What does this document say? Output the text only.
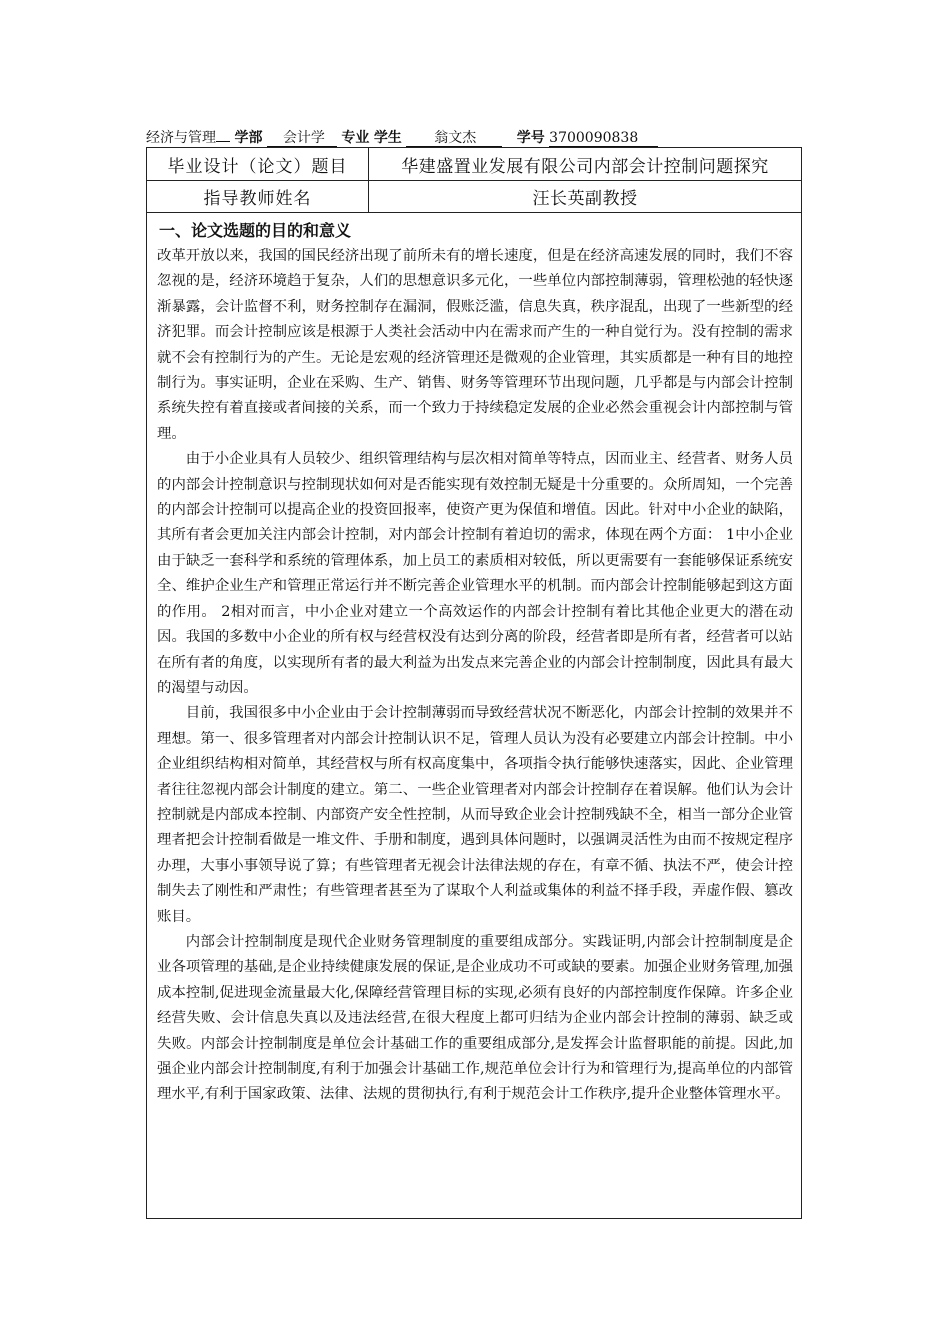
经济与管理 学部 会计学 专业 学生 翁文杰	学号 3700090838
毕业设计（论文）题目	华建盛置业发展有限公司内部会计控制问题探究
指导教师姓名	汪长英副教授
一、论文选题的目的和意义

改革开放以来，我国的国民经济出现了前所未有的增长速度，但是在经济高速发展的同时，我们不容忽视的是，经济环境趋于复杂，人们的思想意识多元化，一些单位内部控制薄弱，管理松弛的轻快逐渐暴露，会计监督不利，财务控制存在漏洞，假账泛滥，信息失真，秩序混乱，出现了一些新型的经济犯罪。而会计控制应该是根源于人类社会活动中内在需求而产生的一种自觉行为。没有控制的需求就不会有控制行为的产生。无论是宏观的经济管理还是微观的企业管理，其实质都是一种有目的地控制行为。事实证明，企业在采购、生产、销售、财务等管理环节出现问题，几乎都是与内部会计控制系统失控有着直接或者间接的关系，而一个致力于持续稳定发展的企业必然会重视会计内部控制与管理。

由于小企业具有人员较少、组织管理结构与层次相对简单等特点，因而业主、经营者、财务人员的内部会计控制意识与控制现状如何对是否能实现有效控制无疑是十分重要的。众所周知，一个完善的内部会计控制可以提高企业的投资回报率，使资产更为保值和增值。因此。针对中小企业的缺陷，其所有者会更加关注内部会计控制，对内部会计控制有着迫切的需求，体现在两个方面： 1中小企业由于缺乏一套科学和系统的管理体系，加上员工的素质相对较低，所以更需要有一套能够保证系统安全、维护企业生产和管理正常运行并不断完善企业管理水平的机制。而内部会计控制能够起到这方面的作用。 2相对而言，中小企业对建立一个高效运作的内部会计控制有着比其他企业更大的潜在动因。我国的多数中小企业的所有权与经营权没有达到分离的阶段，经营者即是所有者，经营者可以站在所有者的角度，以实现所有者的最大利益为出发点来完善企业的内部会计控制制度，因此具有最大的渴望与动因。

目前，我国很多中小企业由于会计控制薄弱而导致经营状况不断恶化，内部会计控制的效果并不理想。第一、很多管理者对内部会计控制认识不足，管理人员认为没有必要建立内部会计控制。中小企业组织结构相对简单，其经营权与所有权高度集中，各项指令执行能够快速落实，因此、企业管理者往往忽视内部会计制度的建立。第二、一些企业管理者对内部会计控制存在着误解。他们认为会计控制就是内部成本控制、内部资产安全性控制，从而导致企业会计控制残缺不全，相当一部分企业管理者把会计控制看做是一堆文件、手册和制度，遇到具体问题时，以强调灵活性为由而不按规定程序办理，大事小事领导说了算；有些管理者无视会计法律法规的存在，有章不循、执法不严，使会计控制失去了刚性和严肃性；有些管理者甚至为了谋取个人利益或集体的利益不择手段，弄虚作假、篡改账目。

内部会计控制制度是现代企业财务管理制度的重要组成部分。实践证明,内部会计控制制度是企业各项管理的基础,是企业持续健康发展的保证,是企业成功不可或缺的要素。加强企业财务管理,加强成本控制,促进现金流量最大化,保障经营管理目标的实现,必须有良好的内部控制度作保障。许多企业经营失败、会计信息失真以及违法经营,在很大程度上都可归结为企业内部会计控制的薄弱、缺乏或失败。内部会计控制制度是单位会计基础工作的重要组成部分,是发挥会计监督职能的前提。因此,加强企业内部会计控制制度,有利于加强会计基础工作,规范单位会计行为和管理行为,提高单位的内部管理水平,有利于国家政策、法律、法规的贯彻执行,有利于规范会计工作秩序,提升企业整体管理水平。
